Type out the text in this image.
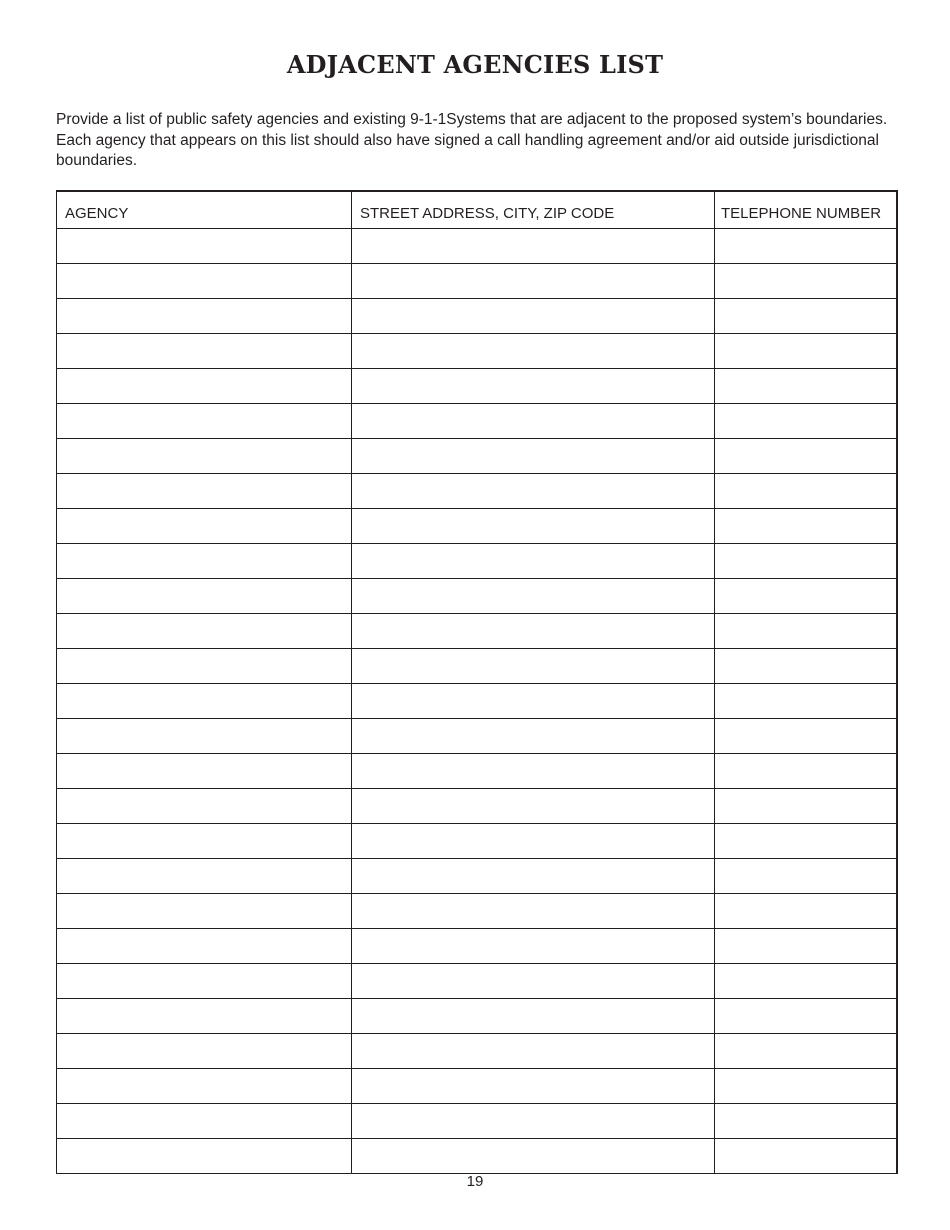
ADJACENT AGENCIES LIST

Provide a list of public safety agencies and existing 9-1-1Systems that are adjacent to the proposed system’s boundaries. Each agency that appears on this list should also have signed a call handling agreement and/or aid outside jurisdictional boundaries.

AGENCY	STREET ADDRESS, CITY, ZIP CODE	TELEPHONE NUMBER

19
